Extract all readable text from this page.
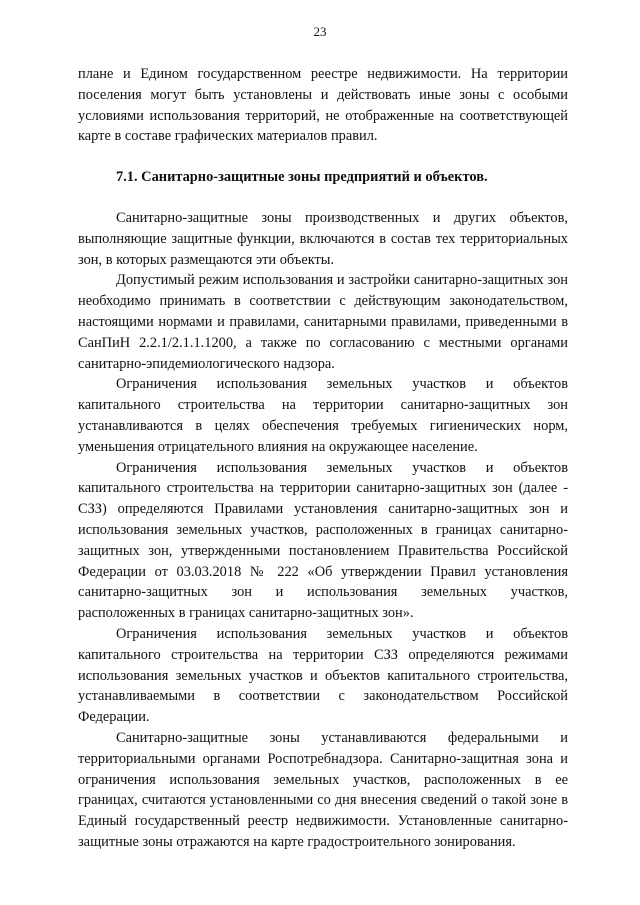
23

плане и Едином государственном реестре недвижимости. На территории поселения могут быть установлены и действовать иные зоны с особыми условиями использования территорий, не отображенные на соответствующей карте в составе графических материалов правил.

7.1. Санитарно-защитные зоны предприятий и объектов.

Санитарно-защитные зоны производственных и других объектов, выполняющие защитные функции, включаются в состав тех территориальных зон, в которых размещаются эти объекты.

Допустимый режим использования и застройки санитарно-защитных зон необходимо принимать в соответствии с действующим законодательством, настоящими нормами и правилами, санитарными правилами, приведенными в СанПиН 2.2.1/2.1.1.1200, а также по согласованию с местными органами санитарно-эпидемиологического надзора.

Ограничения использования земельных участков и объектов капитального строительства на территории санитарно-защитных зон устанавливаются в целях обеспечения требуемых гигиенических норм, уменьшения отрицательного влияния на окружающее население.

Ограничения использования земельных участков и объектов капитального строительства на территории санитарно-защитных зон (далее - СЗЗ) определяются Правилами установления санитарно-защитных зон и использования земельных участков, расположенных в границах санитарно-защитных зон, утвержденными постановлением Правительства Российской Федерации от 03.03.2018 № 222 «Об утверждении Правил установления санитарно-защитных зон и использования земельных участков, расположенных в границах санитарно-защитных зон».

Ограничения использования земельных участков и объектов капитального строительства на территории СЗЗ определяются режимами использования земельных участков и объектов капитального строительства, устанавливаемыми в соответствии с законодательством Российской Федерации.

Санитарно-защитные зоны устанавливаются федеральными и территориальными органами Роспотребнадзора. Санитарно-защитная зона и ограничения использования земельных участков, расположенных в ее границах, считаются установленными со дня внесения сведений о такой зоне в Единый государственный реестр недвижимости. Установленные санитарно-защитные зоны отражаются на карте градостроительного зонирования.
